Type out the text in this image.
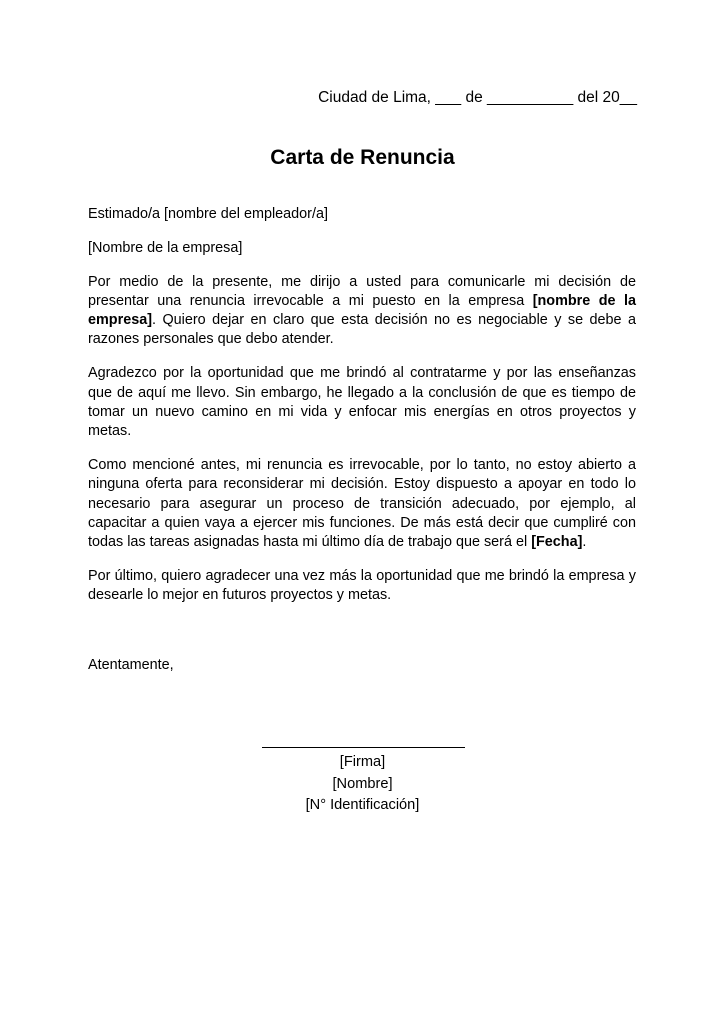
Ciudad de Lima, ___ de __________ del 20__
Carta de Renuncia

Estimado/a [nombre del empleador/a]

[Nombre de la empresa]

Por medio de la presente, me dirijo a usted para comunicarle mi decisión de presentar una renuncia irrevocable a mi puesto en la empresa [nombre de la empresa]. Quiero dejar en claro que esta decisión no es negociable y se debe a razones personales que debo atender.

Agradezco por la oportunidad que me brindó al contratarme y por las enseñanzas que de aquí me llevo. Sin embargo, he llegado a la conclusión de que es tiempo de tomar un nuevo camino en mi vida y enfocar mis energías en otros proyectos y metas.

Como mencioné antes, mi renuncia es irrevocable, por lo tanto, no estoy abierto a ninguna oferta para reconsiderar mi decisión. Estoy dispuesto a apoyar en todo lo necesario para asegurar un proceso de transición adecuado, por ejemplo, al capacitar a quien vaya a ejercer mis funciones. De más está decir que cumpliré con todas las tareas asignadas hasta mi último día de trabajo que será el [Fecha].

Por último, quiero agradecer una vez más la oportunidad que me brindó la empresa y desearle lo mejor en futuros proyectos y metas.

Atentamente,
[Firma]
[Nombre]
[N° Identificación]
